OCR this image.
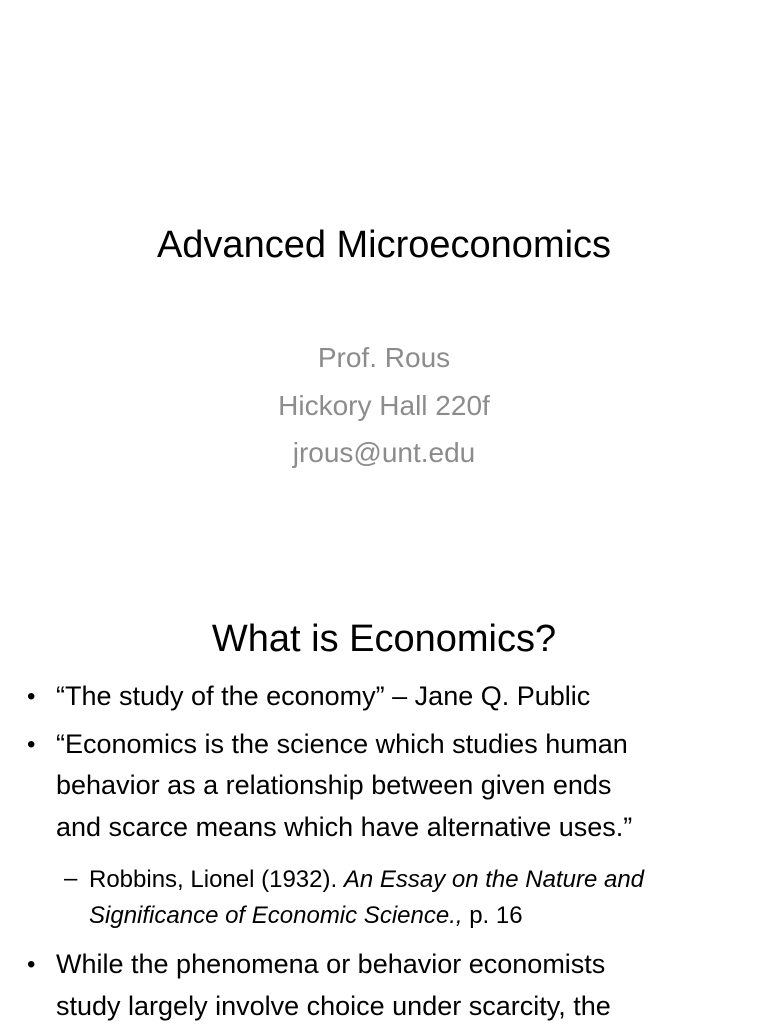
Advanced Microeconomics
Prof. Rous
Hickory Hall 220f
jrous@unt.edu
What is Economics?
• “The study of the economy” – Jane Q. Public
• “Economics is the science which studies human
behavior as a relationship between given ends
and scarce means which have alternative uses.”
– Robbins, Lionel (1932). An Essay on the Nature and
Significance of Economic Science., p. 16
• While the phenomena or behavior economists
study largely involve choice under scarcity, the
